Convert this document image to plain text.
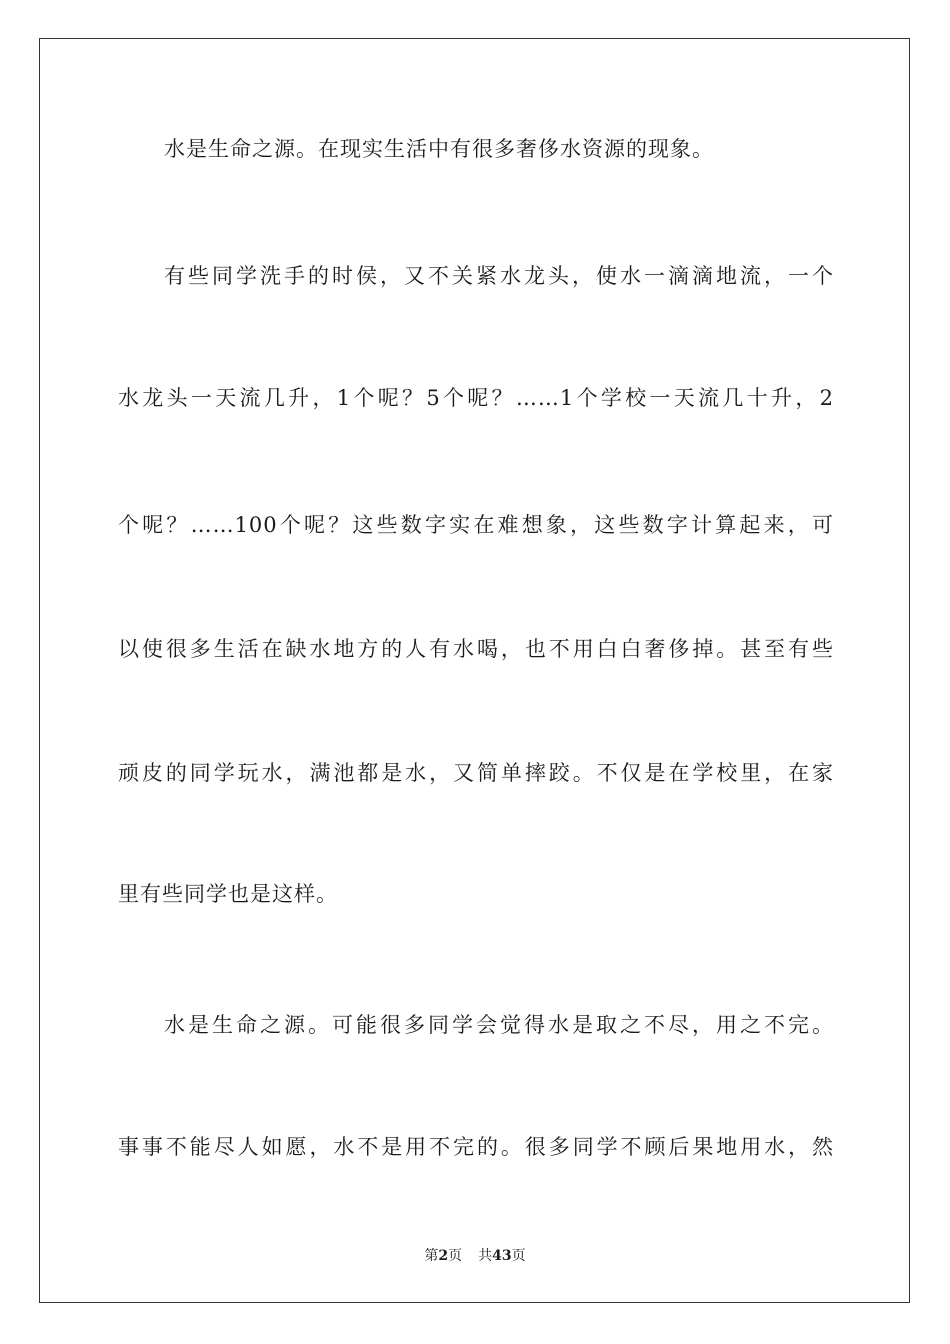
水是生命之源。在现实生活中有很多奢侈水资源的现象。
有些同学洗手的时侯，又不关紧水龙头，使水一滴滴地流，一个
水龙头一天流几升，1个呢？5个呢？……1个学校一天流几十升，2
个呢？……100个呢？这些数字实在难想象，这些数字计算起来，可
以使很多生活在缺水地方的人有水喝，也不用白白奢侈掉。甚至有些
顽皮的同学玩水，满池都是水，又简单摔跤。不仅是在学校里，在家
里有些同学也是这样。
水是生命之源。可能很多同学会觉得水是取之不尽，用之不完。
事事不能尽人如愿，水不是用不完的。很多同学不顾后果地用水，然
第2页 共43页
